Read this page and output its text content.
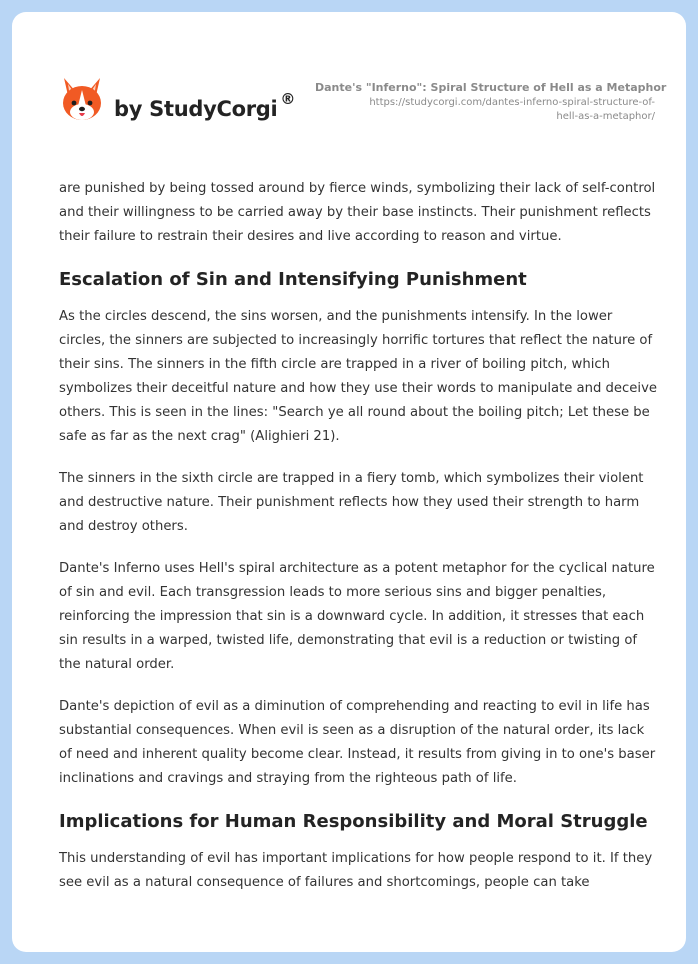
by StudyCorgi ®
Dante's "Inferno": Spiral Structure of Hell as a Metaphor
https://studycorgi.com/dantes-inferno-spiral-structure-of-
hell-as-a-metaphor/

are punished by being tossed around by fierce winds, symbolizing their lack of self-control and their willingness to be carried away by their base instincts. Their punishment reflects their failure to restrain their desires and live according to reason and virtue.

Escalation of Sin and Intensifying Punishment

As the circles descend, the sins worsen, and the punishments intensify. In the lower circles, the sinners are subjected to increasingly horrific tortures that reflect the nature of their sins. The sinners in the fifth circle are trapped in a river of boiling pitch, which symbolizes their deceitful nature and how they use their words to manipulate and deceive others. This is seen in the lines: "Search ye all round about the boiling pitch; Let these be safe as far as the next crag" (Alighieri 21).

The sinners in the sixth circle are trapped in a fiery tomb, which symbolizes their violent and destructive nature. Their punishment reflects how they used their strength to harm and destroy others.

Dante's Inferno uses Hell's spiral architecture as a potent metaphor for the cyclical nature of sin and evil. Each transgression leads to more serious sins and bigger penalties, reinforcing the impression that sin is a downward cycle. In addition, it stresses that each sin results in a warped, twisted life, demonstrating that evil is a reduction or twisting of the natural order.

Dante's depiction of evil as a diminution of comprehending and reacting to evil in life has substantial consequences. When evil is seen as a disruption of the natural order, its lack of need and inherent quality become clear. Instead, it results from giving in to one's baser inclinations and cravings and straying from the righteous path of life.

Implications for Human Responsibility and Moral Struggle

This understanding of evil has important implications for how people respond to it. If they see evil as a natural consequence of failures and shortcomings, people can take
